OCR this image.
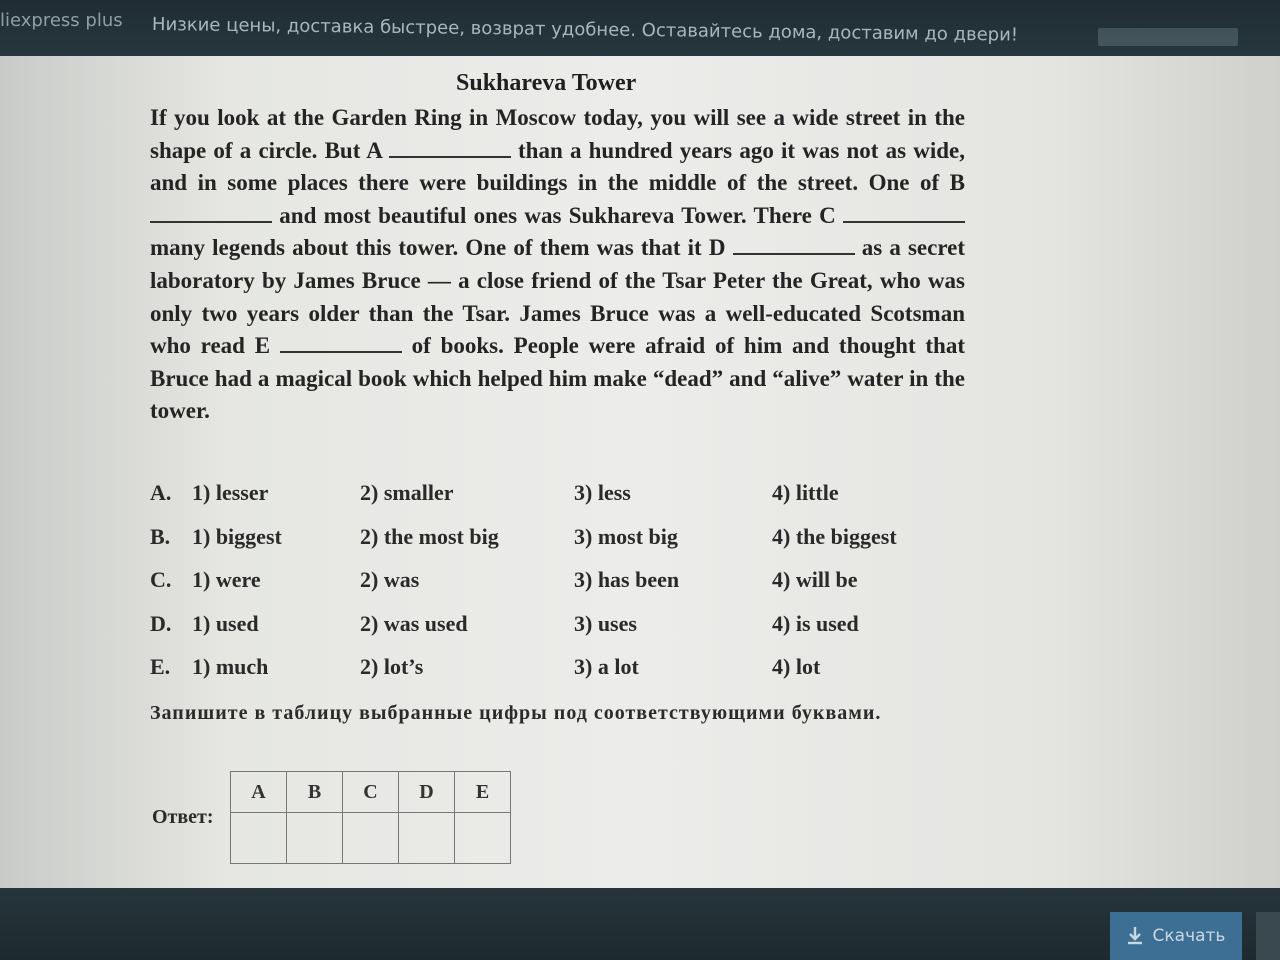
liexpress plus Низкие цены, доставка быстрее, возврат удобнее. Оставайтесь дома, доставим до двери!
Sukhareva Tower
If you look at the Garden Ring in Moscow today, you will see a wide street in the shape of a circle. But A	than a hundred years ago it was not as wide, and in some places there were buildings in the middle of the street. One of B  and most beautiful ones was Sukhareva Tower. There C  many legends about this tower. One of them was that it D	as a secret laboratory by James Bruce — a close friend of the Tsar Peter the Great, who was only two years older than the Tsar. James Bruce was a well-educated Scotsman who read E	of books. People were afraid of him and thought that Bruce had a magical book which helped him make “dead” and “alive” water in the tower.
A. 1) lesser	2) smaller	3) less	4) little
B. 1) biggest	2) the most big	3) most big	4) the biggest
C. 1) were	2) was	3) has been	4) will be
D. 1) used	2) was used	3) uses	4) is used
E. 1) much	2) lot’s	3) a lot	4) lot
Запишите в таблицу выбранные цифры под соответствующими буквами.
Ответ:
A	B	C	D	E

Скачать
